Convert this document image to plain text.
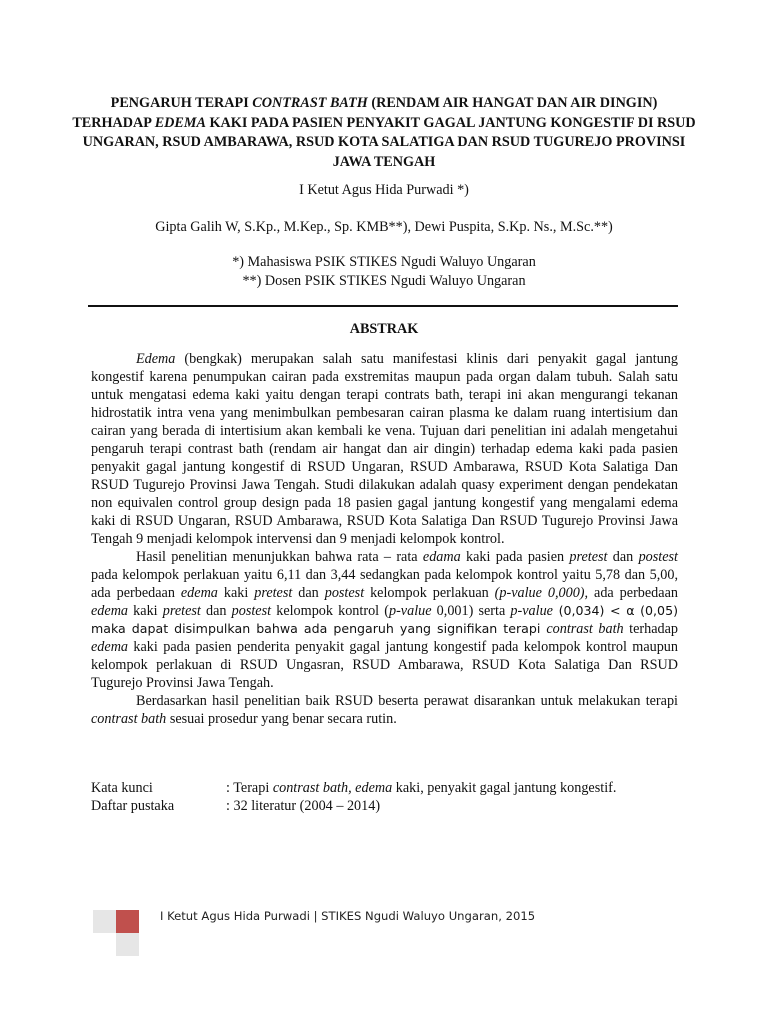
PENGARUH TERAPI CONTRAST BATH (RENDAM AIR HANGAT DAN AIR DINGIN) TERHADAP EDEMA KAKI PADA PASIEN PENYAKIT GAGAL JANTUNG KONGESTIF DI RSUD UNGARAN, RSUD AMBARAWA, RSUD KOTA SALATIGA DAN RSUD TUGUREJO PROVINSI JAWA TENGAH
I Ketut Agus Hida Purwadi *)
Gipta Galih W, S.Kp., M.Kep., Sp. KMB**), Dewi Puspita, S.Kp. Ns., M.Sc.**)
*) Mahasiswa PSIK STIKES Ngudi Waluyo Ungaran
**) Dosen PSIK STIKES Ngudi Waluyo Ungaran
ABSTRAK

Edema (bengkak) merupakan salah satu manifestasi klinis dari penyakit gagal jantung kongestif karena penumpukan cairan pada exstremitas maupun pada organ dalam tubuh. Salah satu untuk mengatasi edema kaki yaitu dengan terapi contrats bath, terapi ini akan mengurangi tekanan hidrostatik intra vena yang menimbulkan pembesaran cairan plasma ke dalam ruang intertisium dan cairan yang berada di intertisium akan kembali ke vena. Tujuan dari penelitian ini adalah mengetahui pengaruh terapi contrast bath (rendam air hangat dan air dingin) terhadap edema kaki pada pasien penyakit gagal jantung kongestif di RSUD Ungaran, RSUD Ambarawa, RSUD Kota Salatiga Dan RSUD Tugurejo Provinsi Jawa Tengah. Studi dilakukan adalah quasy experiment dengan pendekatan non equivalen control group design pada 18 pasien gagal jantung kongestif yang mengalami edema kaki di RSUD Ungaran, RSUD Ambarawa, RSUD Kota Salatiga Dan RSUD Tugurejo Provinsi Jawa Tengah 9 menjadi kelompok intervensi dan 9 menjadi kelompok kontrol.

Hasil penelitian menunjukkan bahwa rata – rata edama kaki pada pasien pretest dan postest pada kelompok perlakuan yaitu 6,11 dan 3,44 sedangkan pada kelompok kontrol yaitu 5,78 dan 5,00, ada perbedaan edema kaki pretest dan postest kelompok perlakuan (p-value 0,000), ada perbedaan edema kaki pretest dan postest kelompok kontrol (p-value 0,001) serta p-value (0,034) < α (0,05) maka dapat disimpulkan bahwa ada pengaruh yang signifikan terapi contrast bath terhadap edema kaki pada pasien penderita penyakit gagal jantung kongestif pada kelompok kontrol maupun kelompok perlakuan di RSUD Ungasran, RSUD Ambarawa, RSUD Kota Salatiga Dan RSUD Tugurejo Provinsi Jawa Tengah.

Berdasarkan hasil penelitian baik RSUD beserta perawat disarankan untuk melakukan terapi contrast bath sesuai prosedur yang benar secara rutin.

Kata kunci	: Terapi contrast bath, edema kaki, penyakit gagal jantung kongestif.
Daftar pustaka	: 32 literatur (2004 – 2014)
I Ketut Agus Hida Purwadi | STIKES Ngudi Waluyo Ungaran, 2015
